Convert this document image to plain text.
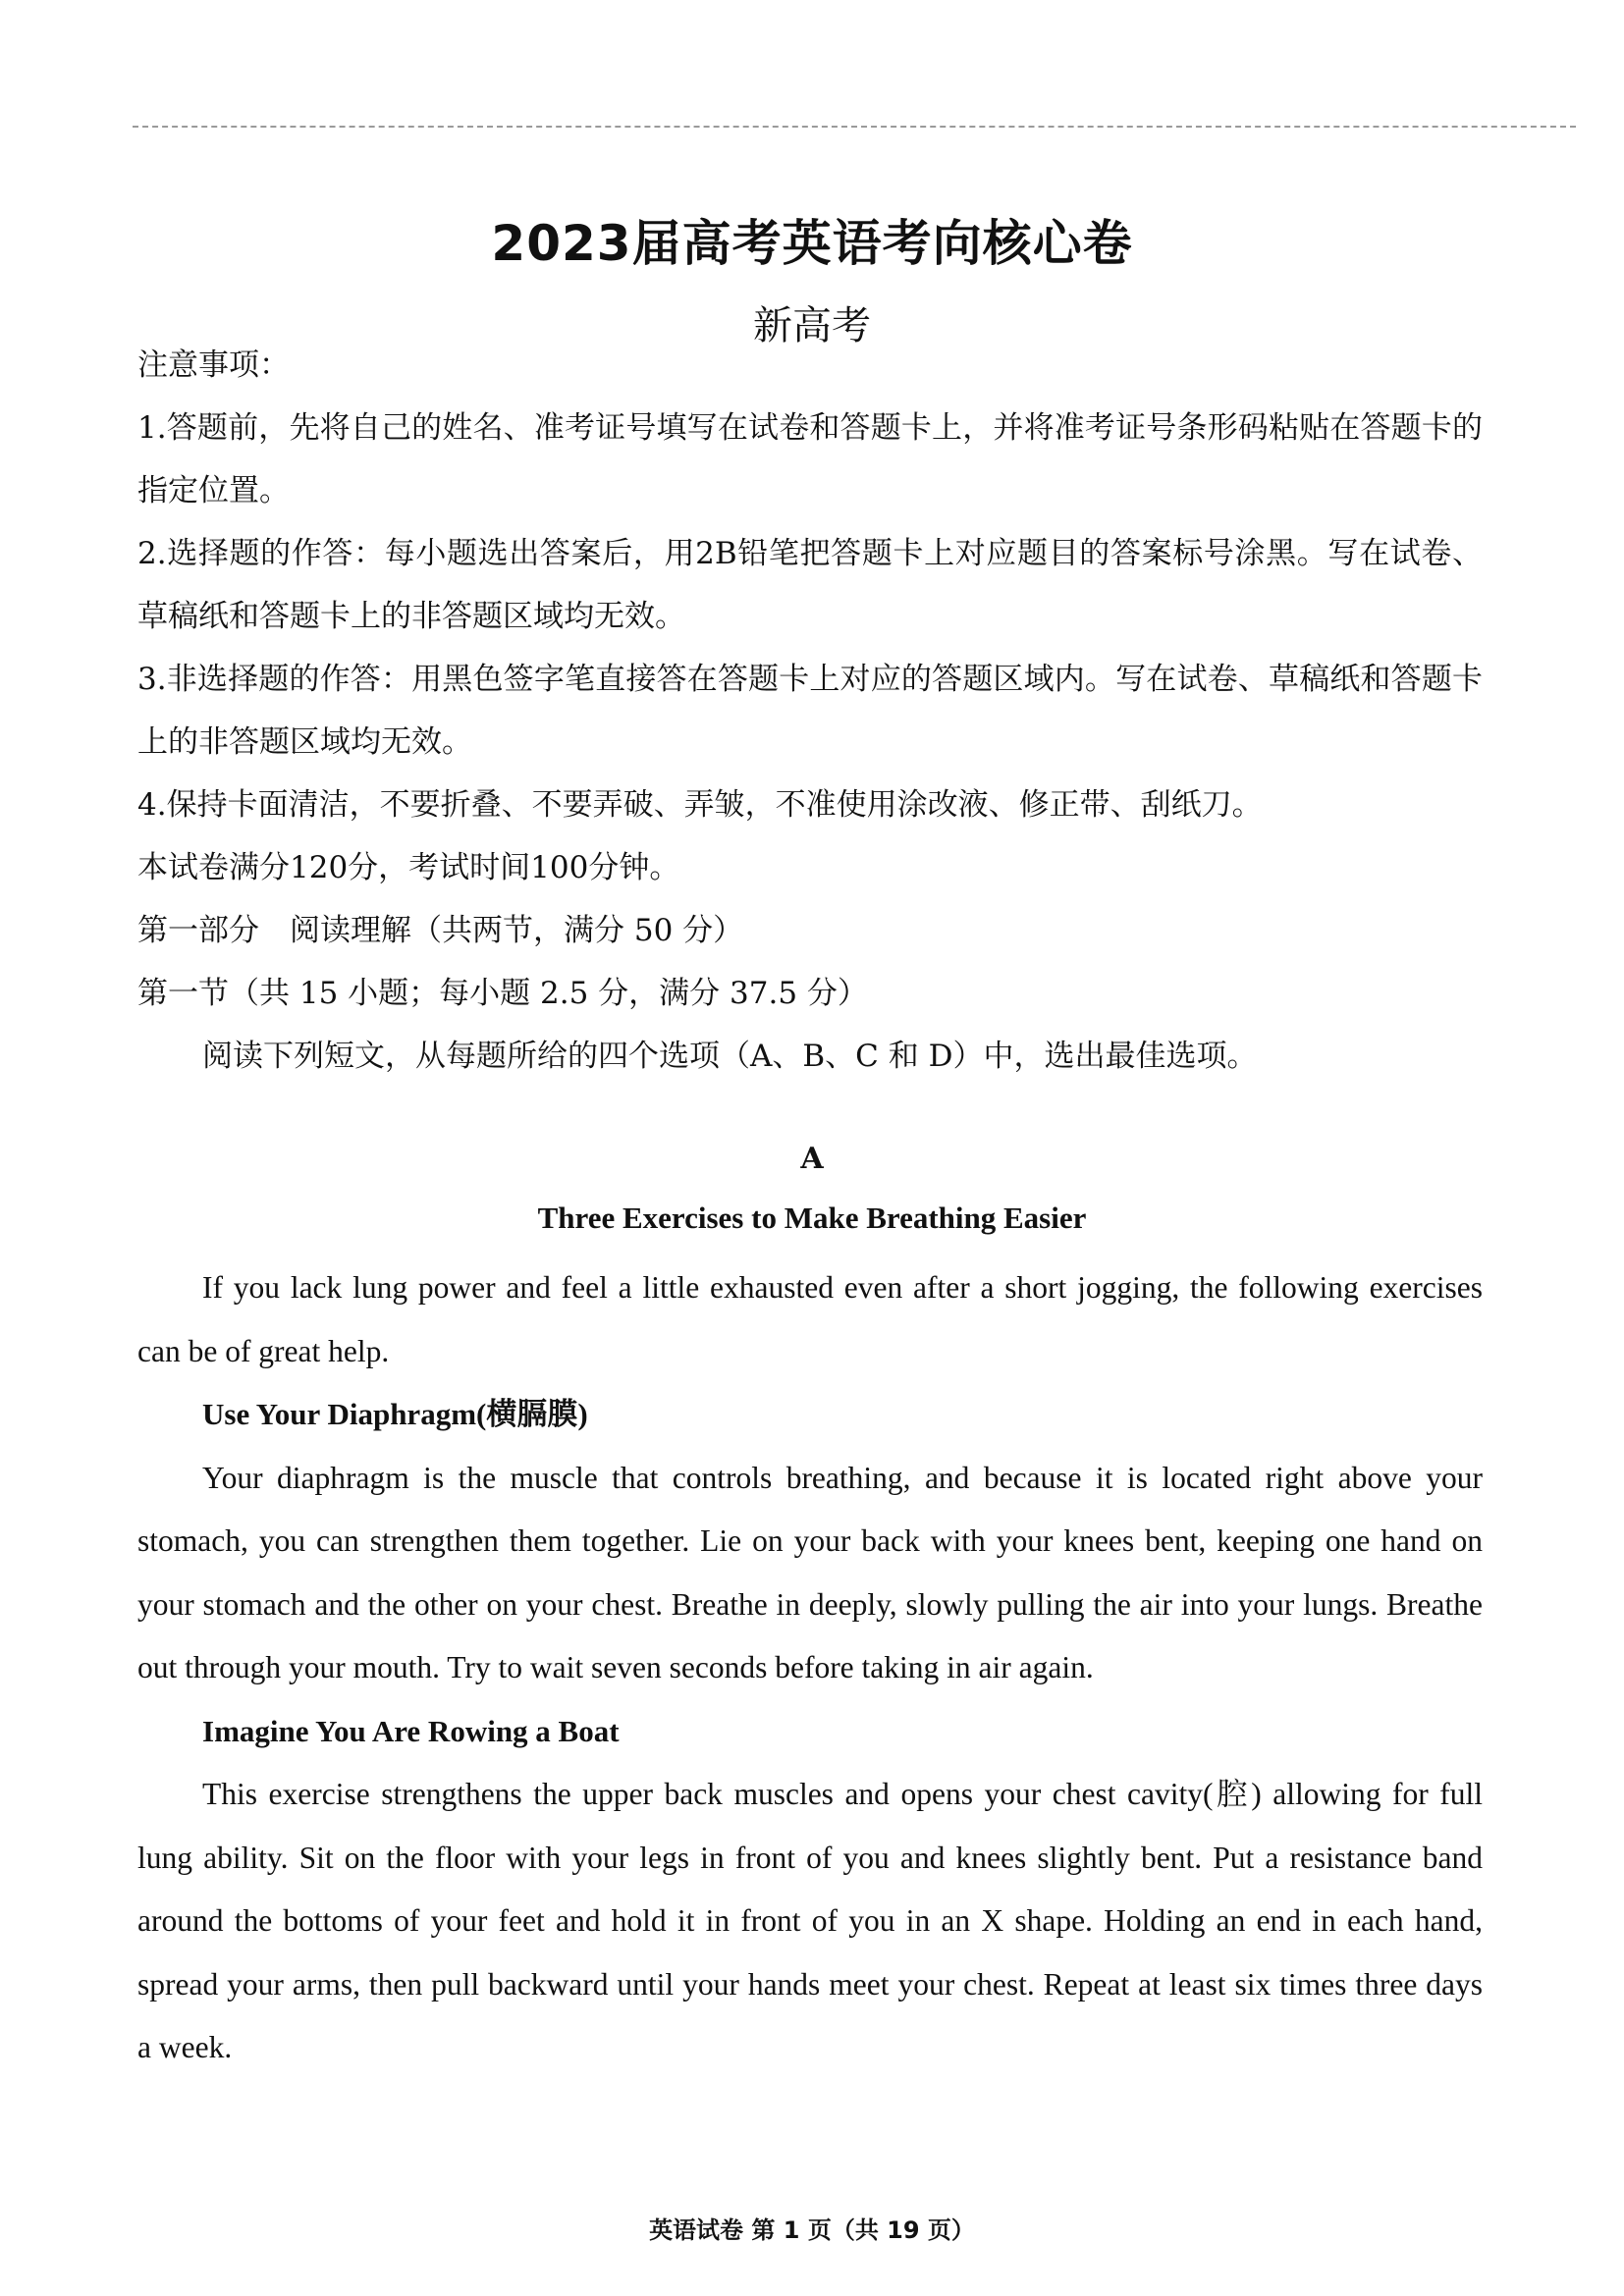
2023届高考英语考向核心卷
新高考

注意事项：

1.答题前，先将自己的姓名、准考证号填写在试卷和答题卡上，并将准考证号条形码粘贴在答题卡的指定位置。

2.选择题的作答：每小题选出答案后，用2B铅笔把答题卡上对应题目的答案标号涂黑。写在试卷、草稿纸和答题卡上的非答题区域均无效。

3.非选择题的作答：用黑色签字笔直接答在答题卡上对应的答题区域内。写在试卷、草稿纸和答题卡上的非答题区域均无效。

4.保持卡面清洁，不要折叠、不要弄破、弄皱，不准使用涂改液、修正带、刮纸刀。

本试卷满分120分，考试时间100分钟。

第一部分　阅读理解（共两节，满分 50 分）

第一节（共 15 小题；每小题 2.5 分，满分 37.5 分）

阅读下列短文，从每题所给的四个选项（A、B、C 和 D）中，选出最佳选项。

A
Three Exercises to Make Breathing Easier

If you lack lung power and feel a little exhausted even after a short jogging, the following exercises can be of great help.

Use Your Diaphragm(横膈膜)

Your diaphragm is the muscle that controls breathing, and because it is located right above your stomach, you can strengthen them together. Lie on your back with your knees bent, keeping one hand on your stomach and the other on your chest. Breathe in deeply, slowly pulling the air into your lungs. Breathe out through your mouth. Try to wait seven seconds before taking in air again.

Imagine You Are Rowing a Boat

This exercise strengthens the upper back muscles and opens your chest cavity(腔) allowing for full lung ability. Sit on the floor with your legs in front of you and knees slightly bent. Put a resistance band around the bottoms of your feet and hold it in front of you in an X shape. Holding an end in each hand, spread your arms, then pull backward until your hands meet your chest. Repeat at least six times three days a week.

英语试卷 第 1 页（共 19 页）
